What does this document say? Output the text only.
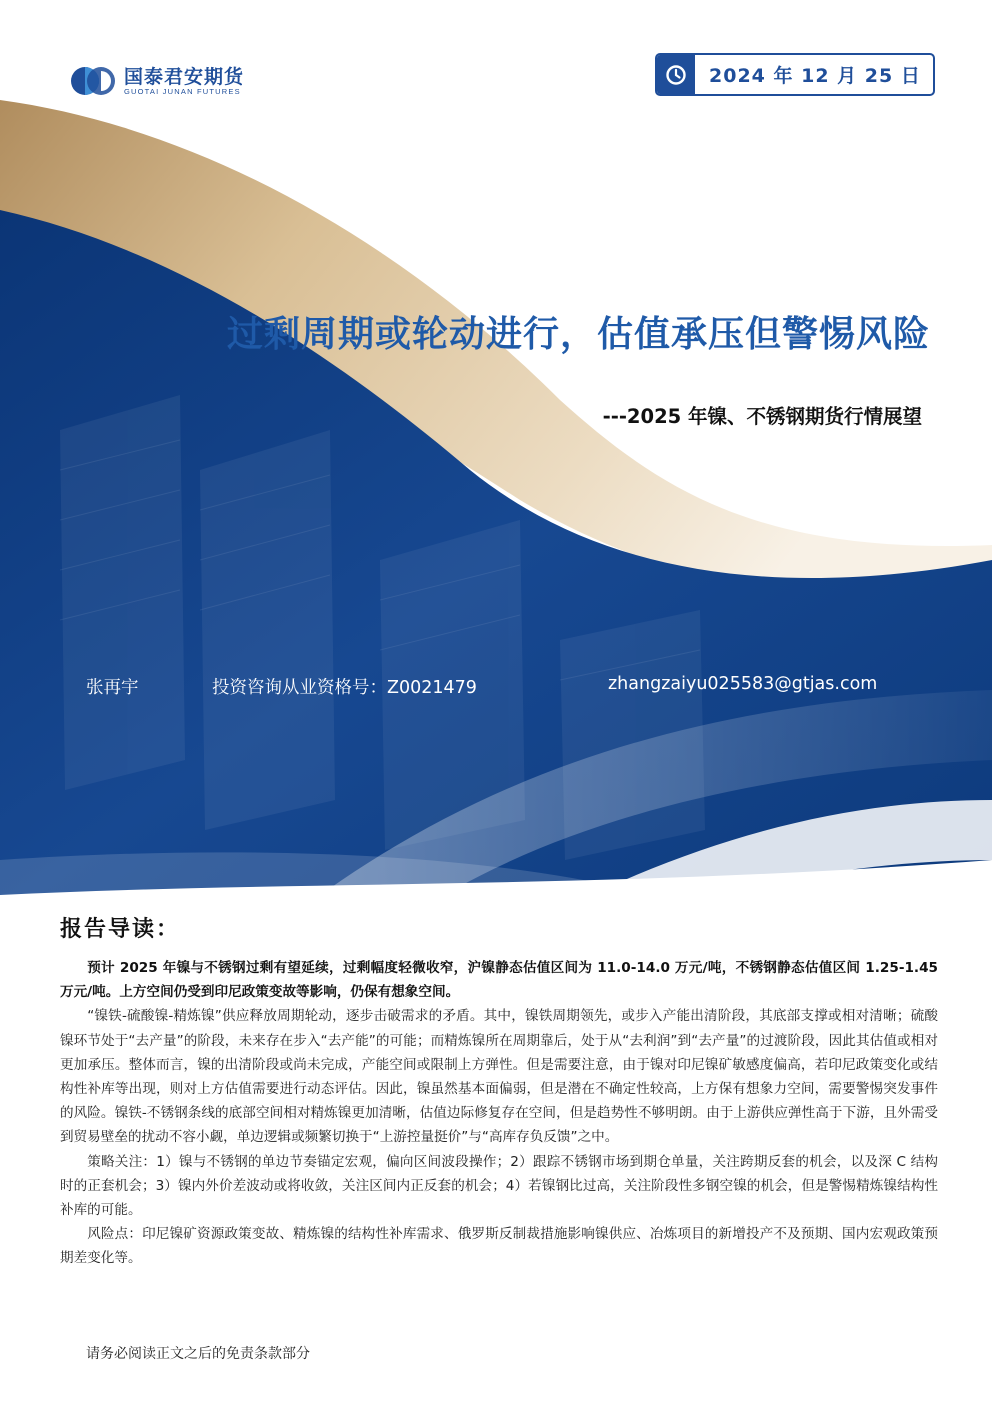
国泰君安期货
GUOTAI JUNAN FUTURES
2024 年 12 月 25 日
过剩周期或轮动进行，估值承压但警惕风险
---2025 年镍、不锈钢期货行情展望
张再宇	投资咨询从业资格号：Z0021479	zhangzaiyu025583@gtjas.com
报告导读：

预计 2025 年镍与不锈钢过剩有望延续，过剩幅度轻微收窄，沪镍静态估值区间为 11.0-14.0 万元/吨，不锈钢静态估值区间 1.25-1.45 万元/吨。上方空间仍受到印尼政策变故等影响，仍保有想象空间。

“镍铁-硫酸镍-精炼镍”供应释放周期轮动，逐步击破需求的矛盾。其中，镍铁周期领先，或步入产能出清阶段，其底部支撑或相对清晰；硫酸镍环节处于“去产量”的阶段，未来存在步入“去产能”的可能；而精炼镍所在周期靠后，处于从“去利润”到“去产量”的过渡阶段，因此其估值或相对更加承压。整体而言，镍的出清阶段或尚未完成，产能空间或限制上方弹性。但是需要注意，由于镍对印尼镍矿敏感度偏高，若印尼政策变化或结构性补库等出现，则对上方估值需要进行动态评估。因此，镍虽然基本面偏弱，但是潜在不确定性较高，上方保有想象力空间，需要警惕突发事件的风险。镍铁-不锈钢条线的底部空间相对精炼镍更加清晰，估值边际修复存在空间，但是趋势性不够明朗。由于上游供应弹性高于下游，且外需受到贸易壁垒的扰动不容小觑，单边逻辑或频繁切换于“上游控量挺价”与“高库存负反馈”之中。

策略关注：1）镍与不锈钢的单边节奏锚定宏观，偏向区间波段操作；2）跟踪不锈钢市场到期仓单量，关注跨期反套的机会，以及深 C 结构时的正套机会；3）镍内外价差波动或将收敛，关注区间内正反套的机会；4）若镍钢比过高，关注阶段性多钢空镍的机会，但是警惕精炼镍结构性补库的可能。

风险点：印尼镍矿资源政策变故、精炼镍的结构性补库需求、俄罗斯反制裁措施影响镍供应、冶炼项目的新增投产不及预期、国内宏观政策预期差变化等。

请务必阅读正文之后的免责条款部分
